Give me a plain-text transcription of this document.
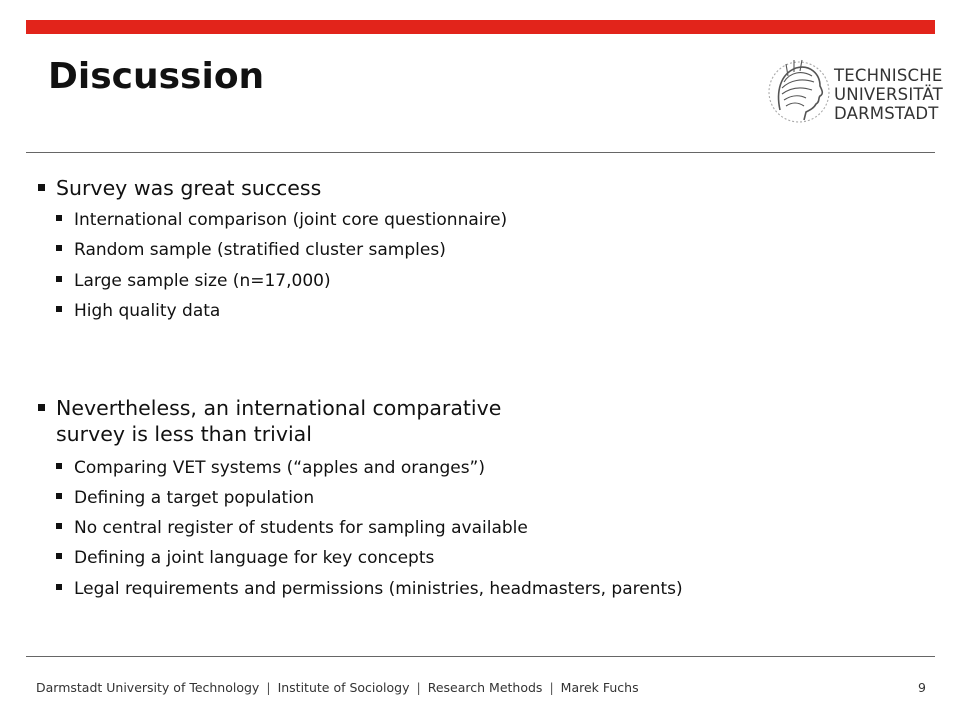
Discussion	TECHNISCHE
UNIVERSITÄT
DARMSTADT
Survey was great success
International comparison (joint core questionnaire)
Random sample (stratified cluster samples)
Large sample size (n=17,000)
High quality data
Nevertheless, an international comparative
survey is less than trivial
Comparing VET systems (“apples and oranges”)
Defining a target population
No central register of students for sampling available
Defining a joint language for key concepts
Legal requirements and permissions (ministries, headmasters, parents)
Darmstadt University of Technology | Institute of Sociology | Research Methods | Marek Fuchs	9
